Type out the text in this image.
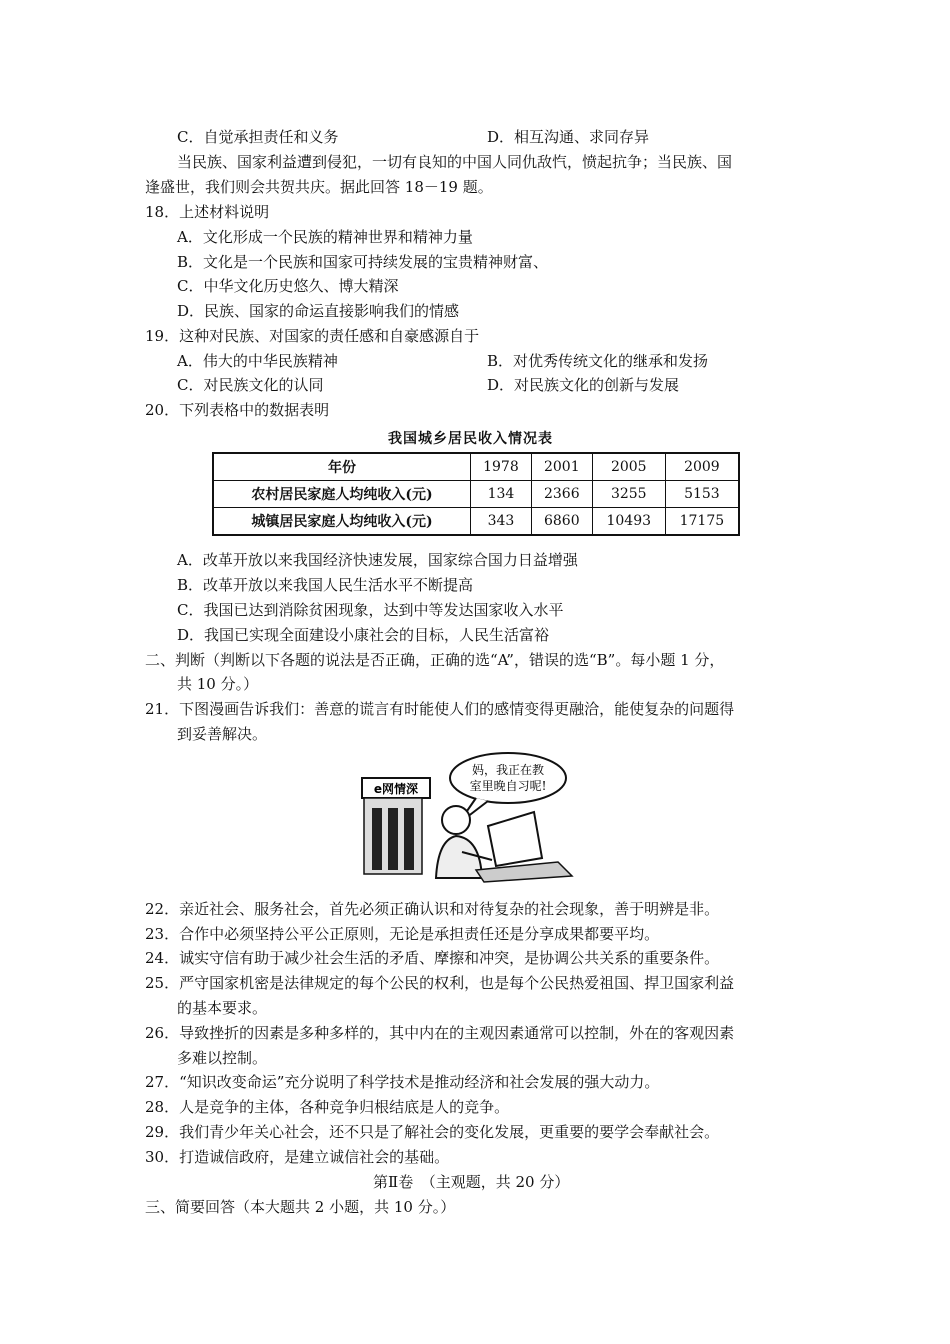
C．自觉承担责任和义务	D．相互沟通、求同存异
当民族、国家利益遭到侵犯，一切有良知的中国人同仇敌忾，愤起抗争；当民族、国
逢盛世，我们则会共贺共庆。据此回答 18－19 题。
18．上述材料说明
A．文化形成一个民族的精神世界和精神力量
B．文化是一个民族和国家可持续发展的宝贵精神财富、
C．中华文化历史悠久、博大精深
D．民族、国家的命运直接影响我们的情感
19．这种对民族、对国家的责任感和自豪感源自于
A．伟大的中华民族精神	B．对优秀传统文化的继承和发扬
C．对民族文化的认同	D．对民族文化的创新与发展
20．下列表格中的数据表明
我国城乡居民收入情况表
年份	1978	2001	2005	2009
农村居民家庭人均纯收入(元)	134	2366	3255	5153
城镇居民家庭人均纯收入(元)	343	6860	10493	17175
A．改革开放以来我国经济快速发展，国家综合国力日益增强
B．改革开放以来我国人民生活水平不断提高
C．我国已达到消除贫困现象，达到中等发达国家收入水平
D．我国已实现全面建设小康社会的目标，人民生活富裕
二、判断（判断以下各题的说法是否正确，正确的选“A”，错误的选“B”。每小题 1 分，
共 10 分。）
21．下图漫画告诉我们：善意的谎言有时能使人们的感情变得更融洽，能使复杂的问题得
到妥善解决。
妈，我正在教
室里晚自习呢!
e网情深
22．亲近社会、服务社会，首先必须正确认识和对待复杂的社会现象，善于明辨是非。
23．合作中必须坚持公平公正原则，无论是承担责任还是分享成果都要平均。
24．诚实守信有助于减少社会生活的矛盾、摩擦和冲突，是协调公共关系的重要条件。
25．严守国家机密是法律规定的每个公民的权利，也是每个公民热爱祖国、捍卫国家利益
的基本要求。
26．导致挫折的因素是多种多样的，其中内在的主观因素通常可以控制，外在的客观因素
多难以控制。
27．“知识改变命运”充分说明了科学技术是推动经济和社会发展的强大动力。
28．人是竞争的主体，各种竞争归根结底是人的竞争。
29．我们青少年关心社会，还不只是了解社会的变化发展，更重要的要学会奉献社会。
30．打造诚信政府，是建立诚信社会的基础。
第Ⅱ卷　（主观题，共 20 分）
三、简要回答（本大题共 2 小题，共 10 分。）
